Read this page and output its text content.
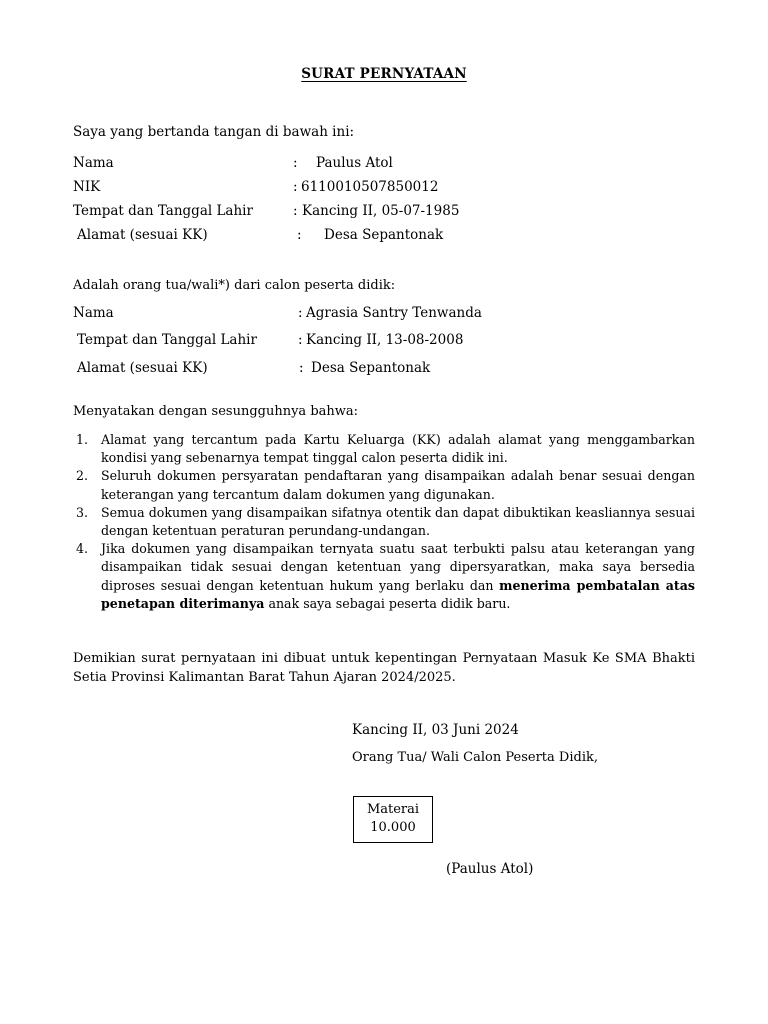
SURAT PERNYATAAN
Saya yang bertanda tangan di bawah ini:
Nama	: Paulus Atol
NIK	: 6110010507850012
Tempat dan Tanggal Lahir	: Kancing II, 05-07-1985
Alamat (sesuai KK)	: Desa Sepantonak
Adalah orang tua/wali*) dari calon peserta didik:
Nama	: Agrasia Santry Tenwanda
Tempat dan Tanggal Lahir	: Kancing II, 13-08-2008
Alamat (sesuai KK)	: Desa Sepantonak
Menyatakan dengan sesungguhnya bahwa:
1. Alamat yang tercantum pada Kartu Keluarga (KK) adalah alamat yang menggambarkan kondisi yang sebenarnya tempat tinggal calon peserta didik ini.
2. Seluruh dokumen persyaratan pendaftaran yang disampaikan adalah benar sesuai dengan keterangan yang tercantum dalam dokumen yang digunakan.
3. Semua dokumen yang disampaikan sifatnya otentik dan dapat dibuktikan keasliannya sesuai dengan ketentuan peraturan perundang-undangan.
4. Jika dokumen yang disampaikan ternyata suatu saat terbukti palsu atau keterangan yang disampaikan tidak sesuai dengan ketentuan yang dipersyaratkan, maka saya bersedia diproses sesuai dengan ketentuan hukum yang berlaku dan menerima pembatalan atas penetapan diterimanya anak saya sebagai peserta didik baru.
Demikian surat pernyataan ini dibuat untuk kepentingan Pernyataan Masuk Ke SMA Bhakti Setia Provinsi Kalimantan Barat Tahun Ajaran 2024/2025.
Kancing II, 03 Juni 2024
Orang Tua/ Wali Calon Peserta Didik,
Materai
10.000
(Paulus Atol)
